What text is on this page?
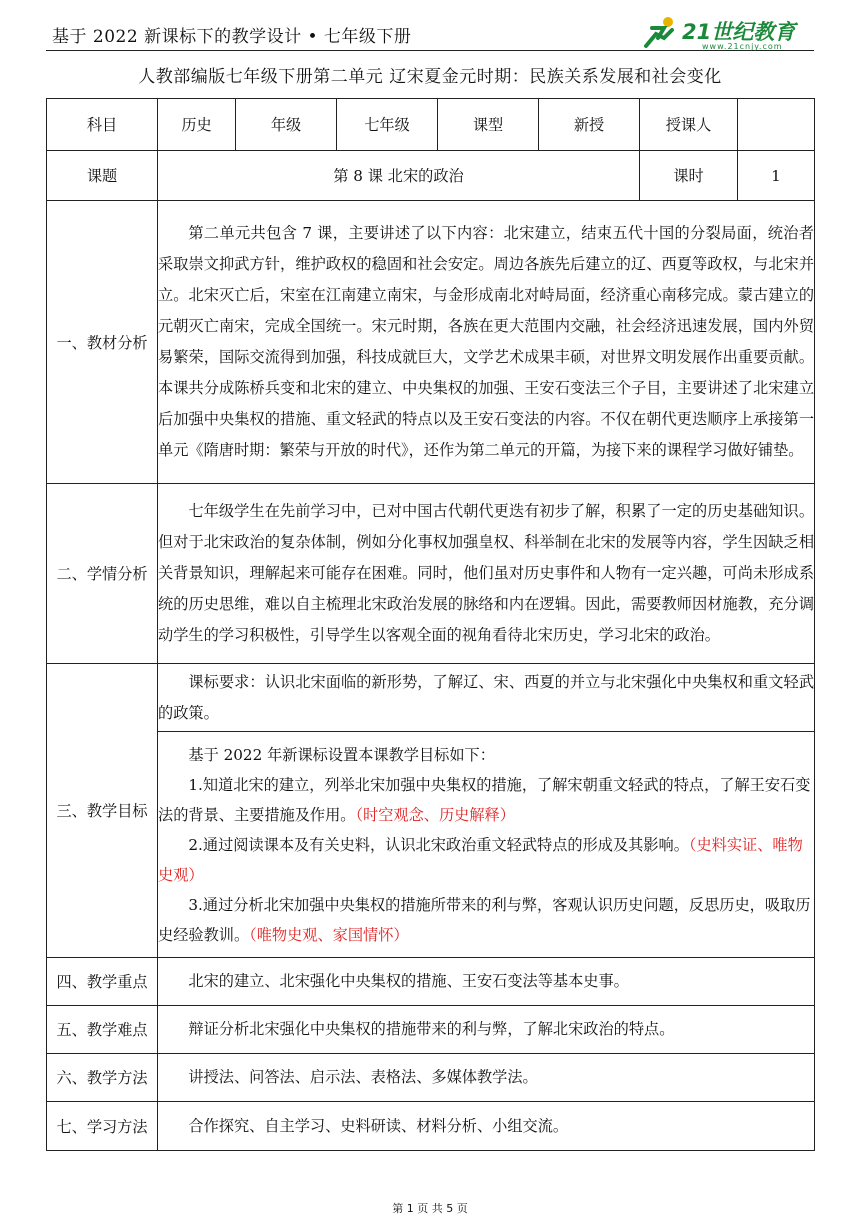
基于 2022 新课标下的教学设计 • 七年级下册	21世纪教育
www.21cnjy.com
人教部编版七年级下册第二单元 辽宋夏金元时期：民族关系发展和社会变化
科目	历史	年级	七年级	课型	新授	授课人	
课题	第 8 课 北宋的政治					课时	1
一、教材分析	第二单元共包含 7 课，主要讲述了以下内容：北宋建立，结束五代十国的分裂局面，统治者采取崇文抑武方针，维护政权的稳固和社会安定。周边各族先后建立的辽、西夏等政权，与北宋并立。北宋灭亡后，宋室在江南建立南宋，与金形成南北对峙局面，经济重心南移完成。蒙古建立的元朝灭亡南宋，完成全国统一。宋元时期，各族在更大范围内交融，社会经济迅速发展，国内外贸易繁荣，国际交流得到加强，科技成就巨大，文学艺术成果丰硕，对世界文明发展作出重要贡献。本课共分成陈桥兵变和北宋的建立、中央集权的加强、王安石变法三个子目，主要讲述了北宋建立后加强中央集权的措施、重文轻武的特点以及王安石变法的内容。不仅在朝代更迭顺序上承接第一单元《隋唐时期：繁荣与开放的时代》，还作为第二单元的开篇，为接下来的课程学习做好铺垫。						
二、学情分析	七年级学生在先前学习中，已对中国古代朝代更迭有初步了解，积累了一定的历史基础知识。但对于北宋政治的复杂体制，例如分化事权加强皇权、科举制在北宋的发展等内容，学生因缺乏相关背景知识，理解起来可能存在困难。同时，他们虽对历史事件和人物有一定兴趣，可尚未形成系统的历史思维，难以自主梳理北宋政治发展的脉络和内在逻辑。因此，需要教师因材施教，充分调动学生的学习积极性，引导学生以客观全面的视角看待北宋历史，学习北宋的政治。						
三、教学目标	课标要求：认识北宋面临的新形势，了解辽、宋、西夏的并立与北宋强化中央集权和重文轻武的政策。						

	基于 2022 年新课标设置本课教学目标如下：
1.知道北宋的建立，列举北宋加强中央集权的措施，了解宋朝重文轻武的特点，了解王安石变法的背景、主要措施及作用。（时空观念、历史解释）
2.通过阅读课本及有关史料，认识北宋政治重文轻武特点的形成及其影响。（史料实证、唯物史观）
3.通过分析北宋加强中央集权的措施所带来的利与弊，客观认识历史问题，反思历史，吸取历史经验教训。（唯物史观、家国情怀）						

四、教学重点	北宋的建立、北宋强化中央集权的措施、王安石变法等基本史事。						
五、教学难点	辩证分析北宋强化中央集权的措施带来的利与弊，了解北宋政治的特点。						
六、教学方法	讲授法、问答法、启示法、表格法、多媒体教学法。						
七、学习方法	合作探究、自主学习、史料研读、材料分析、小组交流。						
第 1 页 共 5 页
